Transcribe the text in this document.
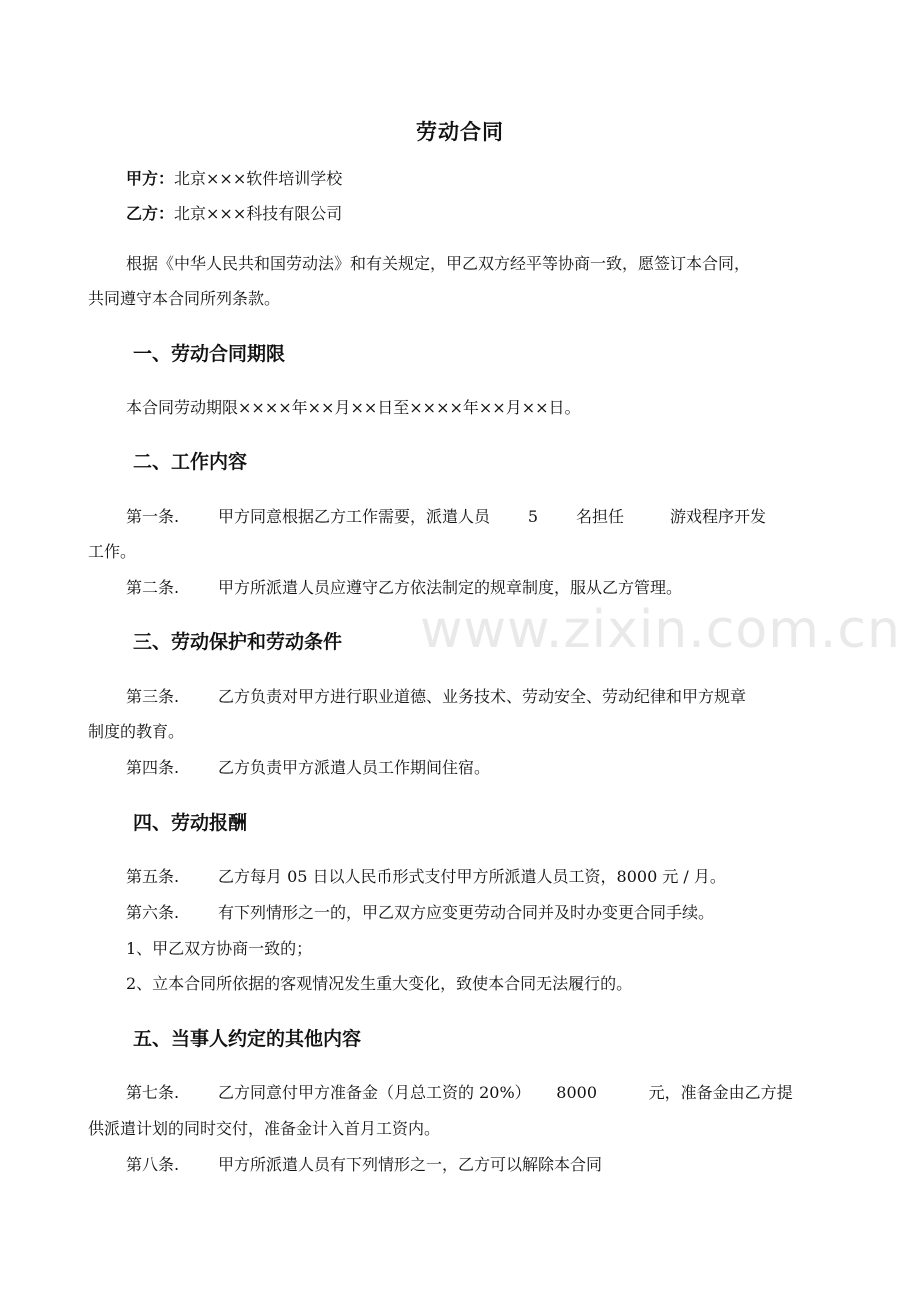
www.zixin.com.cn
劳动合同
甲方：北京×××软件培训学校
乙方：北京×××科技有限公司
根据《中华人民共和国劳动法》和有关规定，甲乙双方经平等协商一致，愿签订本合同，
共同遵守本合同所列条款。
一、劳动合同期限
本合同劳动期限××××年××月××日至××××年××月××日。
二、工作内容
第一条. 甲方同意根据乙方工作需要，派遣人员 5 名担任	游戏程序开发
工作。
第二条. 甲方所派遣人员应遵守乙方依法制定的规章制度，服从乙方管理。
三、劳动保护和劳动条件
第三条. 乙方负责对甲方进行职业道德、业务技术、劳动安全、劳动纪律和甲方规章
制度的教育。
第四条. 乙方负责甲方派遣人员工作期间住宿。
四、劳动报酬
第五条. 乙方每月 05 日以人民币形式支付甲方所派遣人员工资，8000 元 / 月。
第六条. 有下列情形之一的，甲乙双方应变更劳动合同并及时办变更合同手续。
1、甲乙双方协商一致的；
2、立本合同所依据的客观情况发生重大变化，致使本合同无法履行的。
五、当事人约定的其他内容
第七条. 乙方同意付甲方准备金（月总工资的 20%） 8000	元，准备金由乙方提
供派遣计划的同时交付，准备金计入首月工资内。
第八条. 甲方所派遣人员有下列情形之一，乙方可以解除本合同
